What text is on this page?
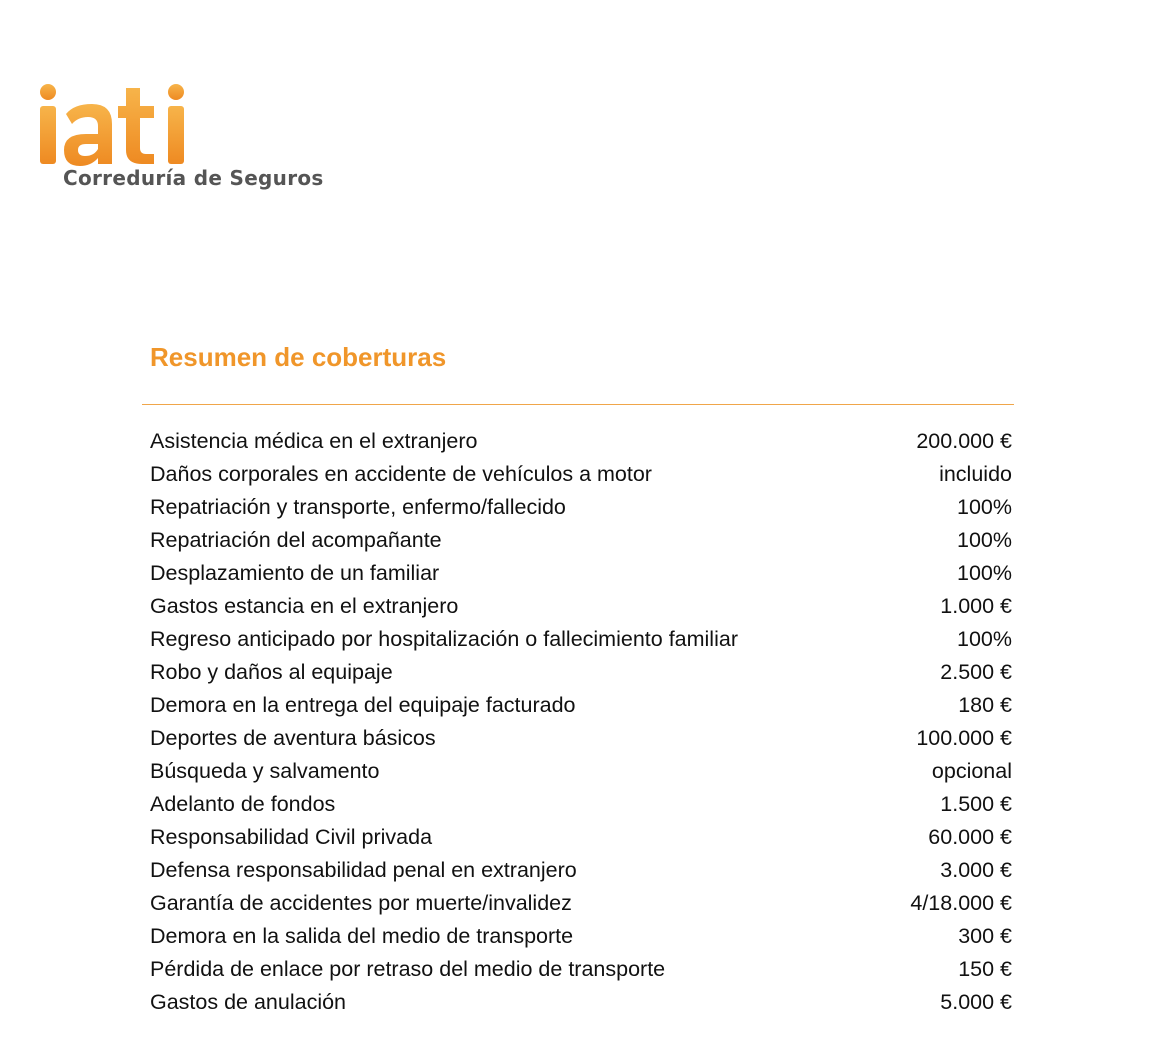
Correduría de Seguros
Resumen de coberturas
Asistencia médica en el extranjero	200.000 €
Daños corporales en accidente de vehículos a motor	incluido
Repatriación y transporte, enfermo/fallecido	100%
Repatriación del acompañante	100%
Desplazamiento de un familiar	100%
Gastos estancia en el extranjero	1.000 €
Regreso anticipado por hospitalización o fallecimiento familiar	100%
Robo y daños al equipaje	2.500 €
Demora en la entrega del equipaje facturado	180 €
Deportes de aventura básicos	100.000 €
Búsqueda y salvamento	opcional
Adelanto de fondos	1.500 €
Responsabilidad Civil privada	60.000 €
Defensa responsabilidad penal en extranjero	3.000 €
Garantía de accidentes por muerte/invalidez	4/18.000 €
Demora en la salida del medio de transporte	300 €
Pérdida de enlace por retraso del medio de transporte	150 €
Gastos de anulación	5.000 €
